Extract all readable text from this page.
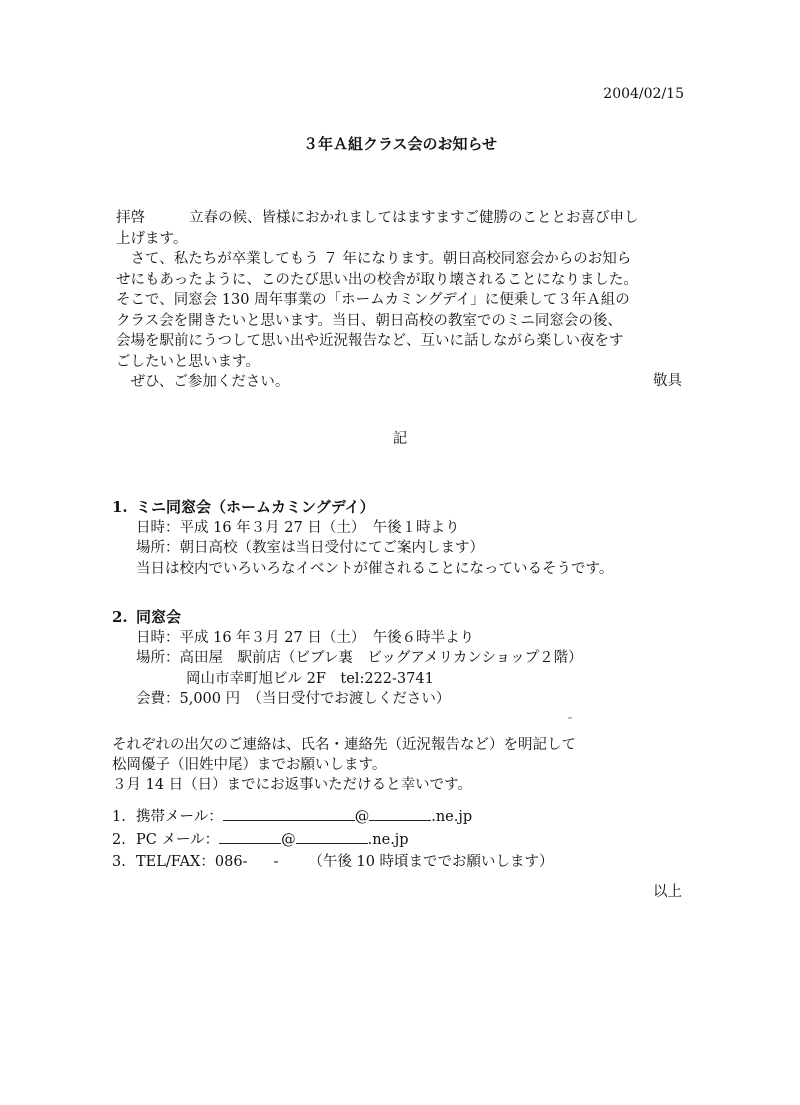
2004/02/15
３年Ａ組クラス会のお知らせ

拝啓	立春の候、皆様におかれましてはますますご健勝のこととお喜び申し

上げます。

さて、私たちが卒業してもう ７ 年になります。朝日高校同窓会からのお知ら

せにもあったように、このたび思い出の校舎が取り壊されることになりました。

そこで、同窓会 130 周年事業の「ホームカミングデイ」に便乗して３年Ａ組の

クラス会を開きたいと思います。当日、朝日高校の教室でのミニ同窓会の後、

会場を駅前にうつして思い出や近況報告など、互いに話しながら楽しい夜をす

ごしたいと思います。

ぜひ、ご参加ください。	敬具
記
1. ミニ同窓会（ホームカミングデイ）
日時：平成 16 年３月 27 日（土）　午後１時より
場所：朝日高校（教室は当日受付にてご案内します）
当日は校内でいろいろなイベントが催されることになっているそうです。
2. 同窓会
日時：平成 16 年３月 27 日（土）　午後６時半より
場所：高田屋　駅前店（ビブレ裏　ビッグアメリカンショップ２階）
岡山市幸町旭ビル 2F　tel:222-3741
会費：5,000 円　（当日受付でお渡しください）

それぞれの出欠のご連絡は、氏名・連絡先（近況報告など）を明記して

松岡優子（旧姓中尾）までお願いします。

３月 14 日（日）までにお返事いただけると幸いです。

1. 携帯メール：	@	.ne.jp
2. PC メール：	@	.ne.jp
3. TEL/FAX：086- - （午後 10 時頃まででお願いします）
以上
